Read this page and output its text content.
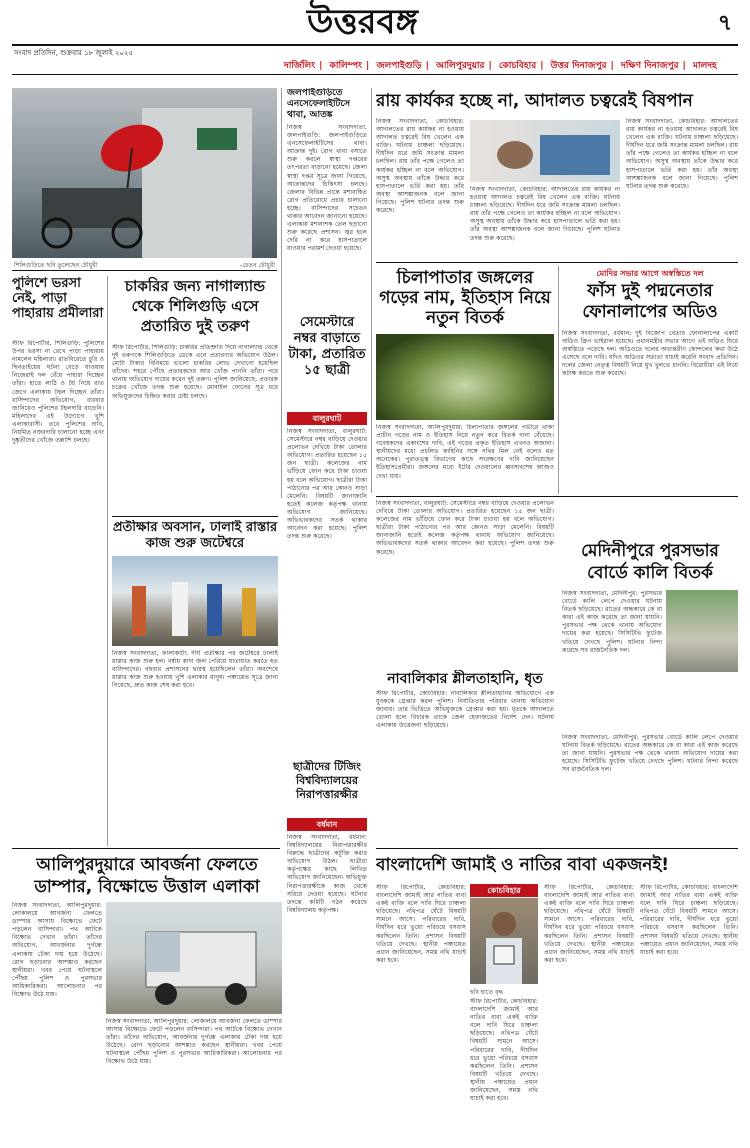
উত্তরবঙ্গ	৭
সংবাদ প্রতিদিন, শুক্রবার ১৮ জুলাই ২০২৫
দার্জিলিং | কালিম্পং | জলপাইগুড়ি | আলিপুরদুয়ার | কোচবিহার | উত্তর দিনাজপুর | দক্ষিণ দিনাজপুর | মালদহ
শিলিগুড়িতে ছবি তুলেছেন চৌধুরী	–চেতন চৌধুরী
জলপাইগুড়িতে এনসেফেলাইটিসে থাবা, আতঙ্ক
নিজস্ব সংবাদদাতা, জলপাইগুড়ি: জলপাইগুড়িতে এনসেফেলাইটিসের থাবা। আক্রান্ত দুই। রোগ থাবা বসাতে শুরু করলে স্বাস্থ্য দপ্তরের তৎপরতা বাড়ানো হয়েছে। জেলা স্বাস্থ্য দপ্তর সূত্রে জানা গিয়েছে, আক্রান্তদের চিকিৎসা চলছে। জেলার বিভিন্ন প্রান্তে মশাবাহিত রোগ প্রতিরোধে প্রচার চালানো হচ্ছে। বাসিন্দাদের সচেতন থাকার আবেদন জানানো হয়েছে। এলাকায় মশানাশক তেল ছড়ানো শুরু করেছে প্রশাসন। জ্বর হলে দেরি না করে হাসপাতালে যাওয়ার পরামর্শ দেওয়া হয়েছে।
সেমেস্টারে নম্বর বাড়াতে টাকা, প্রতারিত ১৫ ছাত্রী
বালুরঘাট
নিজস্ব সংবাদদাতা, বালুরঘাট: সেমেস্টারে নম্বর বাড়িয়ে দেওয়ার প্রলোভন দেখিয়ে টাকা তোলার অভিযোগ। প্রতারিত হয়েছেন ১৫ জন ছাত্রী। কলেজের নাম ভাঁড়িয়ে ফোন করে টাকা চাওয়া হয় বলে অভিযোগ। ছাত্রীরা টাকা পাঠানোর পর আর কোনও সাড়া মেলেনি। বিষয়টি জানাজানি হতেই কলেজ কর্তৃপক্ষ থানায় অভিযোগ জানিয়েছে। অভিভাবকদের সতর্ক থাকার আবেদন করা হয়েছে। পুলিশ তদন্ত শুরু করেছে।
রায় কার্যকর হচ্ছে না, আদালত চত্বরেই বিষপান
নিজস্ব সংবাদদাতা, কোচবিহার: আদালতের রায় কার্যকর না হওয়ায় আদালত চত্বরেই বিষ খেলেন এক ব্যক্তি। ঘটনায় চাঞ্চল্য ছড়িয়েছে। দীর্ঘদিন ধরে জমি সংক্রান্ত মামলা চলছিল। রায় তাঁর পক্ষে গেলেও তা কার্যকর হচ্ছিল না বলে অভিযোগ। অসুস্থ অবস্থায় তাঁকে উদ্ধার করে হাসপাতালে ভর্তি করা হয়। তাঁর অবস্থা আশঙ্কাজনক বলে জানা গিয়েছে। পুলিশ ঘটনার তদন্ত শুরু করেছে।
নিজস্ব সংবাদদাতা, কোচবিহার: আদালতের রায় কার্যকর না হওয়ায় আদালত চত্বরেই বিষ খেলেন এক ব্যক্তি। ঘটনায় চাঞ্চল্য ছড়িয়েছে। দীর্ঘদিন ধরে জমি সংক্রান্ত মামলা চলছিল। রায় তাঁর পক্ষে গেলেও তা কার্যকর হচ্ছিল না বলে অভিযোগ। অসুস্থ অবস্থায় তাঁকে উদ্ধার করে হাসপাতালে ভর্তি করা হয়। তাঁর অবস্থা আশঙ্কাজনক বলে জানা গিয়েছে। পুলিশ ঘটনার তদন্ত শুরু করেছে।
নিজস্ব সংবাদদাতা, কোচবিহার: আদালতের রায় কার্যকর না হওয়ায় আদালত চত্বরেই বিষ খেলেন এক ব্যক্তি। ঘটনায় চাঞ্চল্য ছড়িয়েছে। দীর্ঘদিন ধরে জমি সংক্রান্ত মামলা চলছিল। রায় তাঁর পক্ষে গেলেও তা কার্যকর হচ্ছিল না বলে অভিযোগ। অসুস্থ অবস্থায় তাঁকে উদ্ধার করে হাসপাতালে ভর্তি করা হয়। তাঁর অবস্থা আশঙ্কাজনক বলে জানা গিয়েছে। পুলিশ ঘটনার তদন্ত শুরু করেছে।
চিলাপাতার জঙ্গলের গড়ের নাম, ইতিহাস নিয়ে নতুন বিতর্ক
নিজস্ব সংবাদদাতা, আলিপুরদুয়ার: চিলাপাতার জঙ্গলের গভীরে থাকা প্রাচীন গড়ের নাম ও ইতিহাস নিয়ে নতুন করে বিতর্ক দানা বেঁধেছে। গবেষকদের একাংশের দাবি, এই গড়ের প্রকৃত ইতিহাস এখনও অজানা। স্থানীয়দের মধ্যে প্রচলিত কাহিনির সঙ্গে নথির মিল নেই বলেও মত অনেকের। পুরাতত্ত্ব বিভাগের কাছে সংরক্ষণের দাবি জানিয়েছেন ইতিহাসপ্রেমীরা। জঙ্গলের মধ্যে ইটের দেওয়ালের ধ্বংসাবশেষ আজও দেখা যায়।
মোদির সভার আগে অস্বস্তিতে দল
ফাঁস দুই পদ্মনেতার ফোনালাপের অডিও
নিজস্ব সংবাদদাতা, বর্ধমান: দুই বিজেপি নেতার ফোনালাপের একটি অডিও ক্লিপ ভাইরাল হয়েছে। প্রধানমন্ত্রীর সভার আগে এই অডিও ঘিরে অস্বস্তিতে পড়েছে দল। অডিওতে দলের অভ্যন্তরীণ কোন্দলের কথা উঠে এসেছে বলে দাবি। যদিও অডিওর সত্যতা যাচাই করেনি সংবাদ প্রতিদিন। দলের জেলা নেতৃত্ব বিষয়টি নিয়ে মুখ খুলতে চাননি। বিরোধীরা এই নিয়ে কটাক্ষ করতে শুরু করেছে।
পুলিশে ভরসা নেই, পাড়া পাহারায় প্রমীলারা
স্টাফ রিপোর্টার, শিলিগুড়ি: পুলিশের উপর ভরসা না রেখে পাড়া পাহারায় নামলেন মহিলারা। রাতবিরেতে চুরি ও ছিনতাইয়ের ঘটনা বেড়ে যাওয়ায় নিজেরাই দল বেঁধে পাহারা দিচ্ছেন তাঁরা। হাতে লাঠি ও টর্চ নিয়ে রাত জেগে এলাকায় টহল দিচ্ছেন তাঁরা। বাসিন্দাদের অভিযোগ, বারবার জানিয়েও পুলিশের টহলদারি বাড়েনি। মহিলাদের এই উদ্যোগে খুশি এলাকাবাসী। তবে পুলিশের দাবি, নিয়মিত নজরদারি চালানো হচ্ছে এবং দুষ্কৃতীদের খোঁজে তল্লাশি চলছে।
চাকরির জন্য নাগাল্যান্ড থেকে শিলিগুড়ি এসে প্রতারিত দুই তরুণ
স্টাফ রিপোর্টার, শিলিগুড়ি: চাকরির প্রতিশ্রুতি দিয়ে নাগাল্যান্ড থেকে দুই তরুণকে শিলিগুড়িতে ডেকে এনে প্রতারণার অভিযোগ উঠল। মোটা টাকার বিনিময়ে ভালো চাকরির লোভ দেখানো হয়েছিল তাঁদের। শহরে পৌঁছে প্রতারকদের আর খোঁজ পাননি তাঁরা। পরে থানায় অভিযোগ দায়ের করেন দুই তরুণ। পুলিশ জানিয়েছে, প্রতারক চক্রের খোঁজে তদন্ত শুরু হয়েছে। মোবাইল ফোনের সূত্র ধরে অভিযুক্তদের চিহ্নিত করার চেষ্টা চলছে।
প্রতীক্ষার অবসান, ঢালাই রাস্তার কাজ শুরু জটেশ্বরে
নিজস্ব সংবাদদাতা, ফালাকাটা: দীর্ঘ প্রতীক্ষার পর জটেশ্বরে ঢালাই রাস্তার কাজ শুরু হল। বর্ষায় কাদা জল পেরিয়ে যাতায়াত করতে হত বাসিন্দাদের। বহুবার প্রশাসনের দ্বারস্থ হয়েছিলেন তাঁরা। অবশেষে রাস্তার কাজ শুরু হওয়ায় খুশি এলাকার মানুষ। পঞ্চায়েত সূত্রে জানা গিয়েছে, দ্রুত কাজ শেষ করা হবে।	নাবালিকার শ্লীলতাহানি, ধৃত
স্টাফ রিপোর্টার, কোচবিহার: নাবালিকার শ্লীলতাহানির অভিযোগে এক যুবককে গ্রেপ্তার করল পুলিশ। নির্যাতিতার পরিবার থানায় অভিযোগ জানায়। তার ভিত্তিতে অভিযুক্তকে গ্রেপ্তার করা হয়। ধৃতকে আদালতে তোলা হলে বিচারক তাকে জেল হেফাজতের নির্দেশ দেন। ঘটনায় এলাকায় উত্তেজনা ছড়িয়েছে।
মেদিনীপুরে পুরসভার বোর্ডে কালি বিতর্ক
নিজস্ব সংবাদদাতা, মেদিনীপুর: পুরসভার বোর্ডে কালি লেপে দেওয়ার ঘটনায় বিতর্ক ছড়িয়েছে। রাতের অন্ধকারে কে বা কারা এই কাজ করেছে তা জানা যায়নি। পুরসভার পক্ষ থেকে থানায় অভিযোগ দায়ের করা হয়েছে। সিসিটিভি ফুটেজ খতিয়ে দেখছে পুলিশ। ঘটনার নিন্দা করেছে সব রাজনৈতিক দল।
নিজস্ব সংবাদদাতা, মেদিনীপুর: পুরসভার বোর্ডে কালি লেপে দেওয়ার ঘটনায় বিতর্ক ছড়িয়েছে। রাতের অন্ধকারে কে বা কারা এই কাজ করেছে তা জানা যায়নি। পুরসভার পক্ষ থেকে থানায় অভিযোগ দায়ের করা হয়েছে। সিসিটিভি ফুটেজ খতিয়ে দেখছে পুলিশ। ঘটনার নিন্দা করেছে সব রাজনৈতিক দল।
নিজস্ব সংবাদদাতা, বালুরঘাট: সেমেস্টারে নম্বর বাড়িয়ে দেওয়ার প্রলোভন দেখিয়ে টাকা তোলার অভিযোগ। প্রতারিত হয়েছেন ১৫ জন ছাত্রী। কলেজের নাম ভাঁড়িয়ে ফোন করে টাকা চাওয়া হয় বলে অভিযোগ। ছাত্রীরা টাকা পাঠানোর পর আর কোনও সাড়া মেলেনি। বিষয়টি জানাজানি হতেই কলেজ কর্তৃপক্ষ থানায় অভিযোগ জানিয়েছে। অভিভাবকদের সতর্ক থাকার আবেদন করা হয়েছে। পুলিশ তদন্ত শুরু করেছে।
ছাত্রীদের টিজিং বিশ্ববিদ্যালয়ের নিরাপত্তারক্ষীর
বর্ধমান
নিজস্ব সংবাদদাতা, বর্ধমান: বিশ্ববিদ্যালয়ের নিরাপত্তারক্ষীর বিরুদ্ধে ছাত্রীদের কটূক্তি করার অভিযোগ উঠল। ছাত্রীরা কর্তৃপক্ষের কাছে লিখিত অভিযোগ জানিয়েছেন। অভিযুক্ত নিরাপত্তারক্ষীকে কাজ থেকে সরিয়ে দেওয়া হয়েছে। ঘটনার তদন্তে কমিটি গঠন করেছে বিশ্ববিদ্যালয় কর্তৃপক্ষ।
আলিপুরদুয়ারে আবর্জনা ফেলতে ডাম্পার, বিক্ষোভে উত্তাল এলাকা
নিজস্ব সংবাদদাতা, আলিপুরদুয়ার: লোকালয়ে আবর্জনা ফেলতে ডাম্পার আসায় বিক্ষোভে ফেটে পড়লেন বাসিন্দারা। পথ আটকে বিক্ষোভ দেখান তাঁরা। তাঁদের অভিযোগ, আবর্জনার দুর্গন্ধে এলাকায় টেকা দায় হয়ে উঠেছে। রোগ ছড়ানোর আশঙ্কাও করছেন স্থানীয়রা। খবর পেয়ে ঘটনাস্থলে পৌঁছয় পুলিশ ও পুরসভার আধিকারিকরা। আলোচনার পর বিক্ষোভ উঠে যায়।
নিজস্ব সংবাদদাতা, আলিপুরদুয়ার: লোকালয়ে আবর্জনা ফেলতে ডাম্পার আসায় বিক্ষোভে ফেটে পড়লেন বাসিন্দারা। পথ আটকে বিক্ষোভ দেখান তাঁরা। তাঁদের অভিযোগ, আবর্জনার দুর্গন্ধে এলাকায় টেকা দায় হয়ে উঠেছে। রোগ ছড়ানোর আশঙ্কাও করছেন স্থানীয়রা। খবর পেয়ে ঘটনাস্থলে পৌঁছয় পুলিশ ও পুরসভার আধিকারিকরা। আলোচনার পর বিক্ষোভ উঠে যায়।
বাংলাদেশি জামাই ও নাতির বাবা একজনই!
স্টাফ রিপোর্টার, কোচবিহার: বাংলাদেশি জামাই আর নাতির বাবা একই ব্যক্তি বলে দাবি ঘিরে চাঞ্চল্য ছড়িয়েছে। নথিপত্র ঘেঁটে বিষয়টি সামনে আসে। পরিবারের দাবি, দীর্ঘদিন ধরে ভুয়ো পরিচয়ে বসবাস করছিলেন তিনি। প্রশাসন বিষয়টি খতিয়ে দেখছে। স্থানীয় পঞ্চায়েত প্রধান জানিয়েছেন, সমস্ত নথি যাচাই করা হবে।
কোচবিহার
ছবি হাতে বৃদ্ধ
স্টাফ রিপোর্টার, কোচবিহার: বাংলাদেশি জামাই আর নাতির বাবা একই ব্যক্তি বলে দাবি ঘিরে চাঞ্চল্য ছড়িয়েছে। নথিপত্র ঘেঁটে বিষয়টি সামনে আসে। পরিবারের দাবি, দীর্ঘদিন ধরে ভুয়ো পরিচয়ে বসবাস করছিলেন তিনি। প্রশাসন বিষয়টি খতিয়ে দেখছে। স্থানীয় পঞ্চায়েত প্রধান জানিয়েছেন, সমস্ত নথি যাচাই করা হবে।
স্টাফ রিপোর্টার, কোচবিহার: বাংলাদেশি জামাই আর নাতির বাবা একই ব্যক্তি বলে দাবি ঘিরে চাঞ্চল্য ছড়িয়েছে। নথিপত্র ঘেঁটে বিষয়টি সামনে আসে। পরিবারের দাবি, দীর্ঘদিন ধরে ভুয়ো পরিচয়ে বসবাস করছিলেন তিনি। প্রশাসন বিষয়টি খতিয়ে দেখছে। স্থানীয় পঞ্চায়েত প্রধান জানিয়েছেন, সমস্ত নথি যাচাই করা হবে।
স্টাফ রিপোর্টার, কোচবিহার: বাংলাদেশি জামাই আর নাতির বাবা একই ব্যক্তি বলে দাবি ঘিরে চাঞ্চল্য ছড়িয়েছে। নথিপত্র ঘেঁটে বিষয়টি সামনে আসে। পরিবারের দাবি, দীর্ঘদিন ধরে ভুয়ো পরিচয়ে বসবাস করছিলেন তিনি। প্রশাসন বিষয়টি খতিয়ে দেখছে। স্থানীয় পঞ্চায়েত প্রধান জানিয়েছেন, সমস্ত নথি যাচাই করা হবে।
